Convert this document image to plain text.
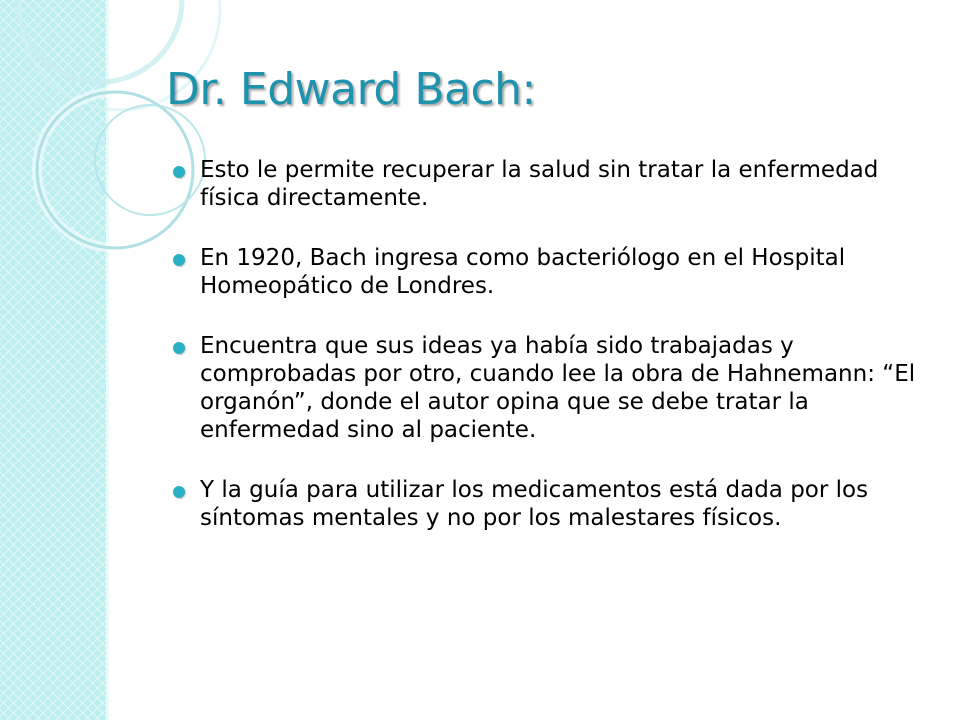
Dr. Edward Bach:
Esto le permite recuperar la salud sin tratar la enfermedad física directamente.
En 1920, Bach ingresa como bacteriólogo en el Hospital Homeopático de Londres.
Encuentra que sus ideas ya había sido trabajadas y comprobadas por otro, cuando lee la obra de Hahnemann: “El organón”, donde el autor opina que se debe tratar la enfermedad sino al paciente.
Y la guía para utilizar los medicamentos está dada por los síntomas mentales y no por los malestares físicos.
